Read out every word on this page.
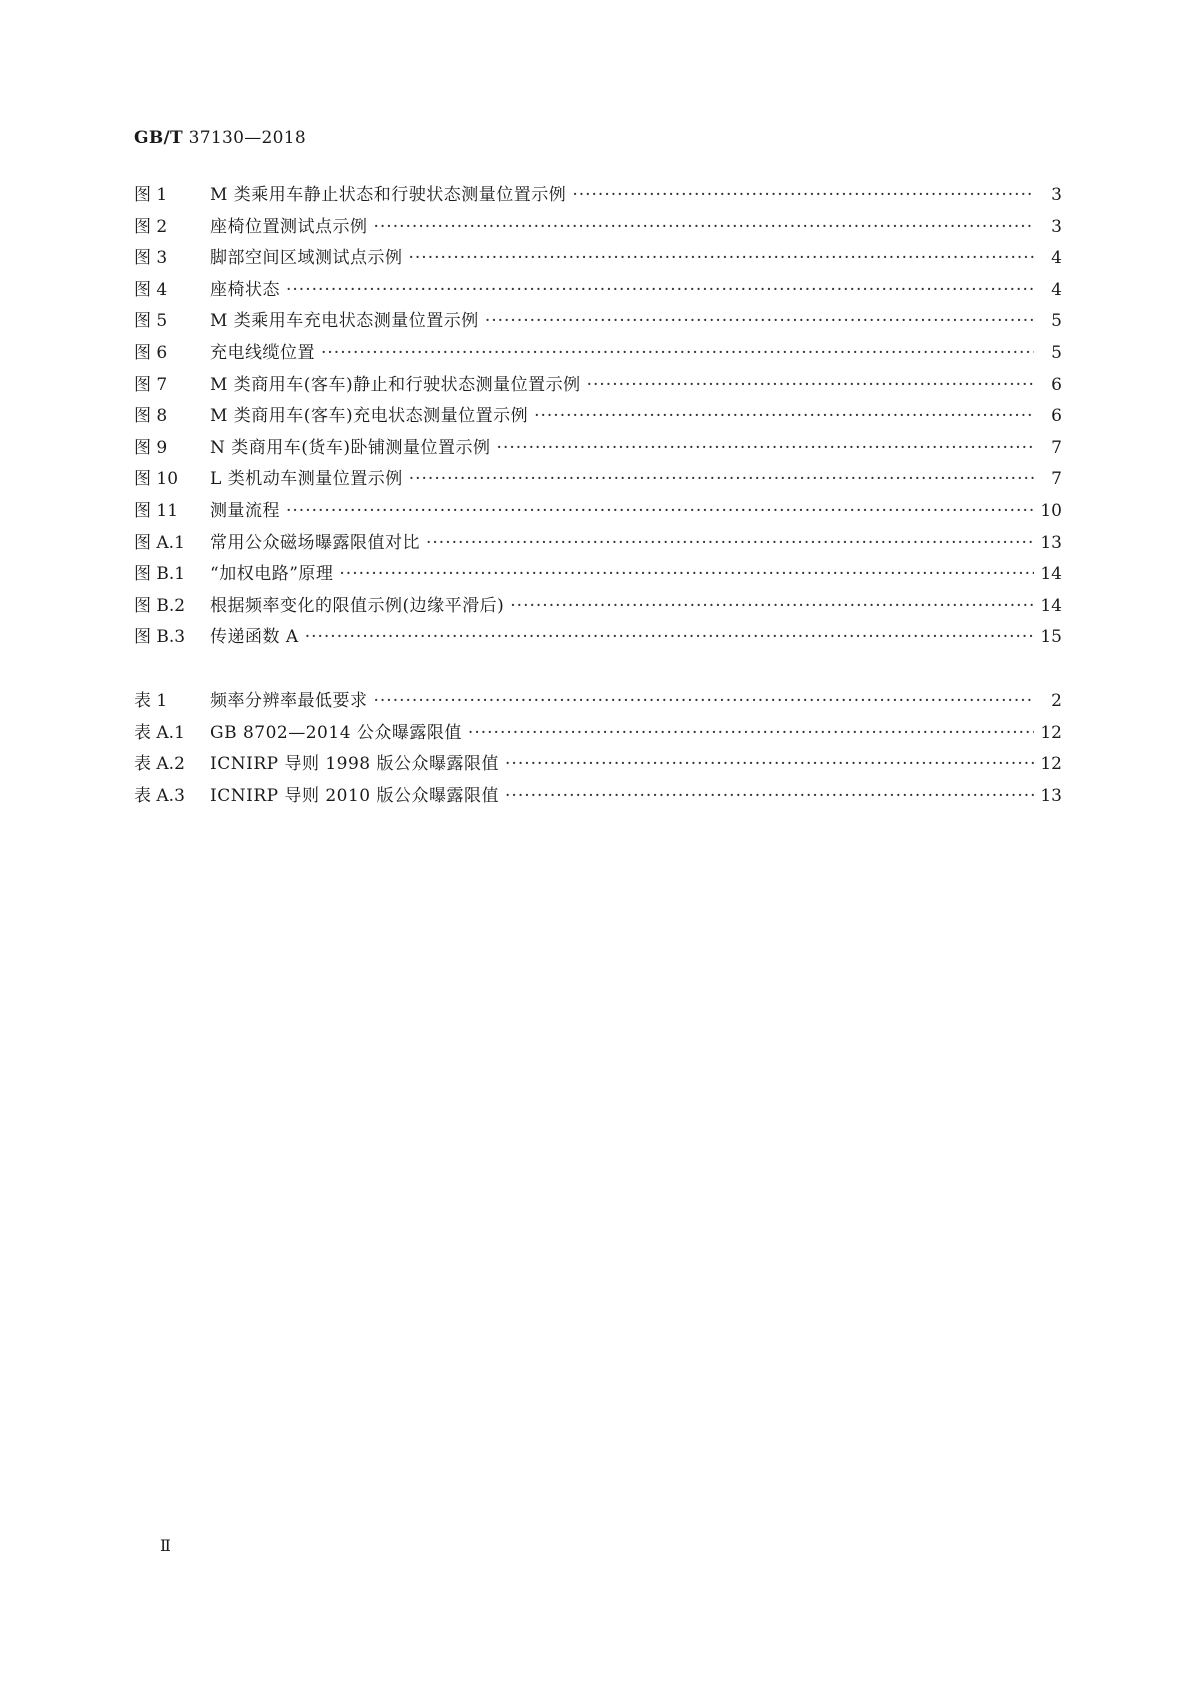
GB/T 37130—2018
图 1	M 类乘用车静止状态和行驶状态测量位置示例 ·····	3
图 2	座椅位置测试点示例 ·····	3
图 3	脚部空间区域测试点示例 ·····	4
图 4	座椅状态 ·····	4
图 5	M 类乘用车充电状态测量位置示例 ·····	5
图 6	充电线缆位置 ·····	5
图 7	M 类商用车(客车)静止和行驶状态测量位置示例 ·····	6
图 8	M 类商用车(客车)充电状态测量位置示例 ·····	6
图 9	N 类商用车(货车)卧铺测量位置示例 ·····	7
图 10	L 类机动车测量位置示例 ·····	7
图 11	测量流程 ·····	10
图 A.1	常用公众磁场曝露限值对比 ·····	13
图 B.1	“加权电路”原理 ·····	14
图 B.2	根据频率变化的限值示例(边缘平滑后) ·····	14
图 B.3	传递函数 A ·····	15
表 1	频率分辨率最低要求 ·····	2
表 A.1	GB 8702—2014 公众曝露限值 ·····	12
表 A.2	ICNIRP 导则 1998 版公众曝露限值 ·····	12
表 A.3	ICNIRP 导则 2010 版公众曝露限值 ·····	13
Ⅱ
